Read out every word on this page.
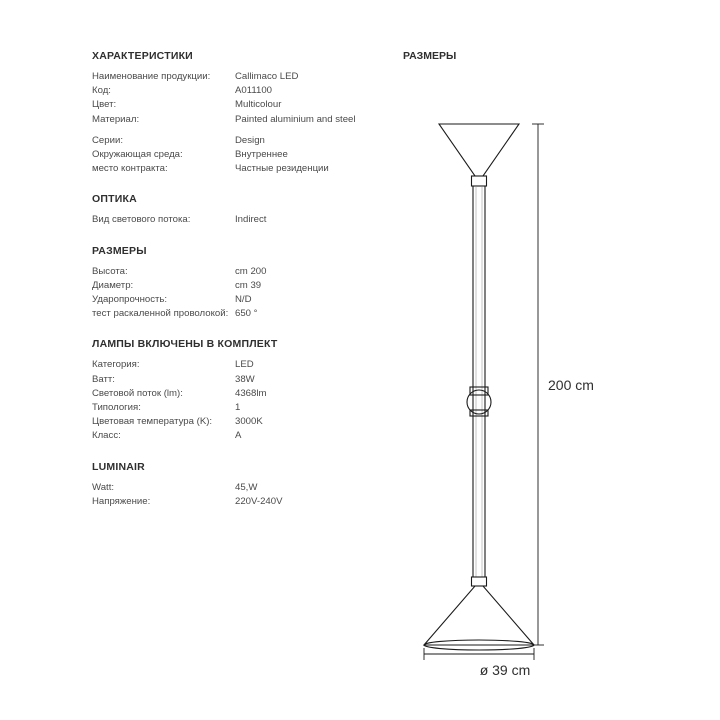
ХАРАКТЕРИСТИКИ
Наименование продукции:	Callimaco LED
Код:	A011100
Цвет:	Multicolour
Материал:	Painted aluminium and steel
Серии:	Design
Окружающая среда:	Внутреннее
место контракта:	Частные резиденции
ОПТИКА
Вид светового потока:	Indirect
РАЗМЕРЫ
Высота:	cm 200
Диаметр:	cm 39
Ударопрочность:	N/D
тест раскаленной проволокой: 650 °
ЛАМПЫ ВКЛЮЧЕНЫ В КОМПЛЕКТ
Категория:	LED
Ватт:	38W
Световой поток (lm):	4368lm
Типология:	1
Цветовая температура (K):	3000K
Класс:	A
LUMINAIR
Watt:	45,W
Напряжение:	220V-240V
РАЗМЕРЫ
200 cm
ø 39 cm
